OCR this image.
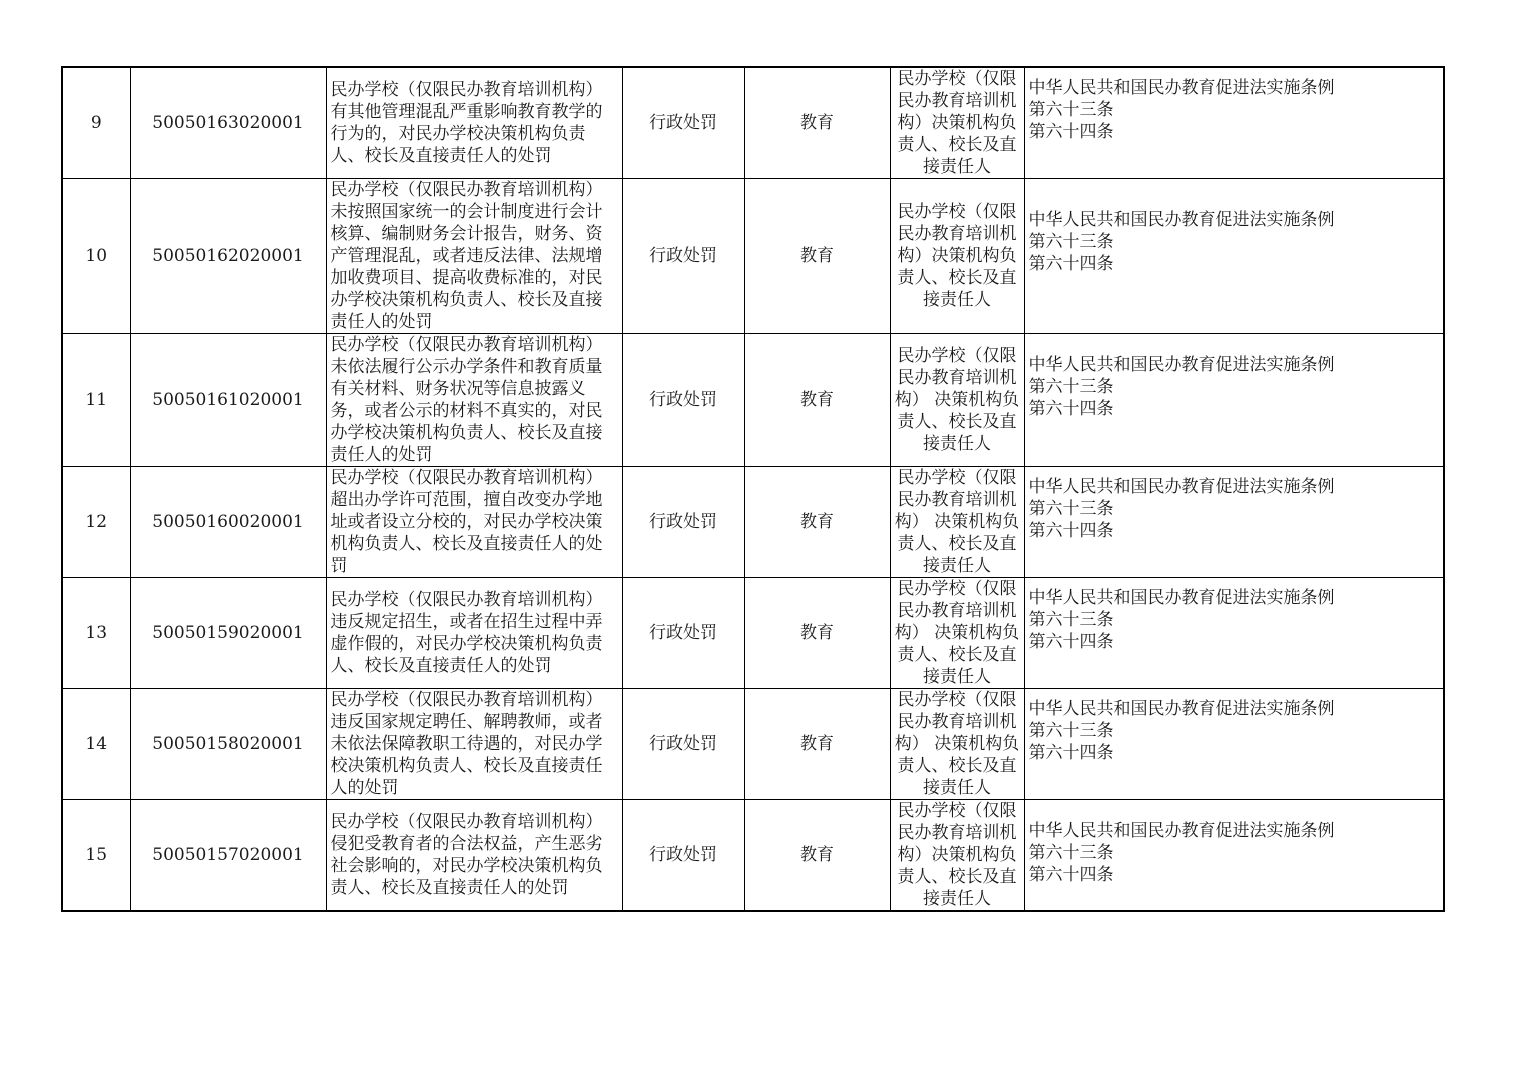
9	50050163020001	民办学校（仅限民办教育培训机构）有其他管理混乱严重影响教育教学的行为的，对民办学校决策机构负责人、校长及直接责任人的处罚	行政处罚	教育	民办学校（仅限民办教育培训机构）决策机构负责人、校长及直接责任人	中华人民共和国民办教育促进法实施条例
第六十三条
第六十四条

10	50050162020001	民办学校（仅限民办教育培训机构）未按照国家统一的会计制度进行会计核算、编制财务会计报告，财务、资产管理混乱，或者违反法律、法规增加收费项目、提高收费标准的，对民办学校决策机构负责人、校长及直接责任人的处罚	行政处罚	教育	民办学校（仅限民办教育培训机构）决策机构负责人、校长及直接责任人	中华人民共和国民办教育促进法实施条例
第六十三条
第六十四条

11	50050161020001	民办学校（仅限民办教育培训机构）未依法履行公示办学条件和教育质量有关材料、财务状况等信息披露义务，或者公示的材料不真实的，对民办学校决策机构负责人、校长及直接责任人的处罚	行政处罚	教育	民办学校（仅限民办教育培训机构） 决策机构负责人、校长及直接责任人	中华人民共和国民办教育促进法实施条例
第六十三条
第六十四条

12	50050160020001	民办学校（仅限民办教育培训机构）超出办学许可范围，擅自改变办学地址或者设立分校的，对民办学校决策机构负责人、校长及直接责任人的处罚	行政处罚	教育	民办学校（仅限民办教育培训机构） 决策机构负责人、校长及直接责任人	中华人民共和国民办教育促进法实施条例
第六十三条
第六十四条

13	50050159020001	民办学校（仅限民办教育培训机构）违反规定招生，或者在招生过程中弄虚作假的，对民办学校决策机构负责人、校长及直接责任人的处罚	行政处罚	教育	民办学校（仅限民办教育培训机构） 决策机构负责人、校长及直接责任人	中华人民共和国民办教育促进法实施条例
第六十三条
第六十四条

14	50050158020001	民办学校（仅限民办教育培训机构）违反国家规定聘任、解聘教师，或者未依法保障教职工待遇的，对民办学校决策机构负责人、校长及直接责任人的处罚	行政处罚	教育	民办学校（仅限民办教育培训机构） 决策机构负责人、校长及直接责任人	中华人民共和国民办教育促进法实施条例
第六十三条
第六十四条

15	50050157020001	民办学校（仅限民办教育培训机构）侵犯受教育者的合法权益，产生恶劣社会影响的，对民办学校决策机构负责人、校长及直接责任人的处罚	行政处罚	教育	民办学校（仅限民办教育培训机构）决策机构负责人、校长及直接责任人	中华人民共和国民办教育促进法实施条例
第六十三条
第六十四条
